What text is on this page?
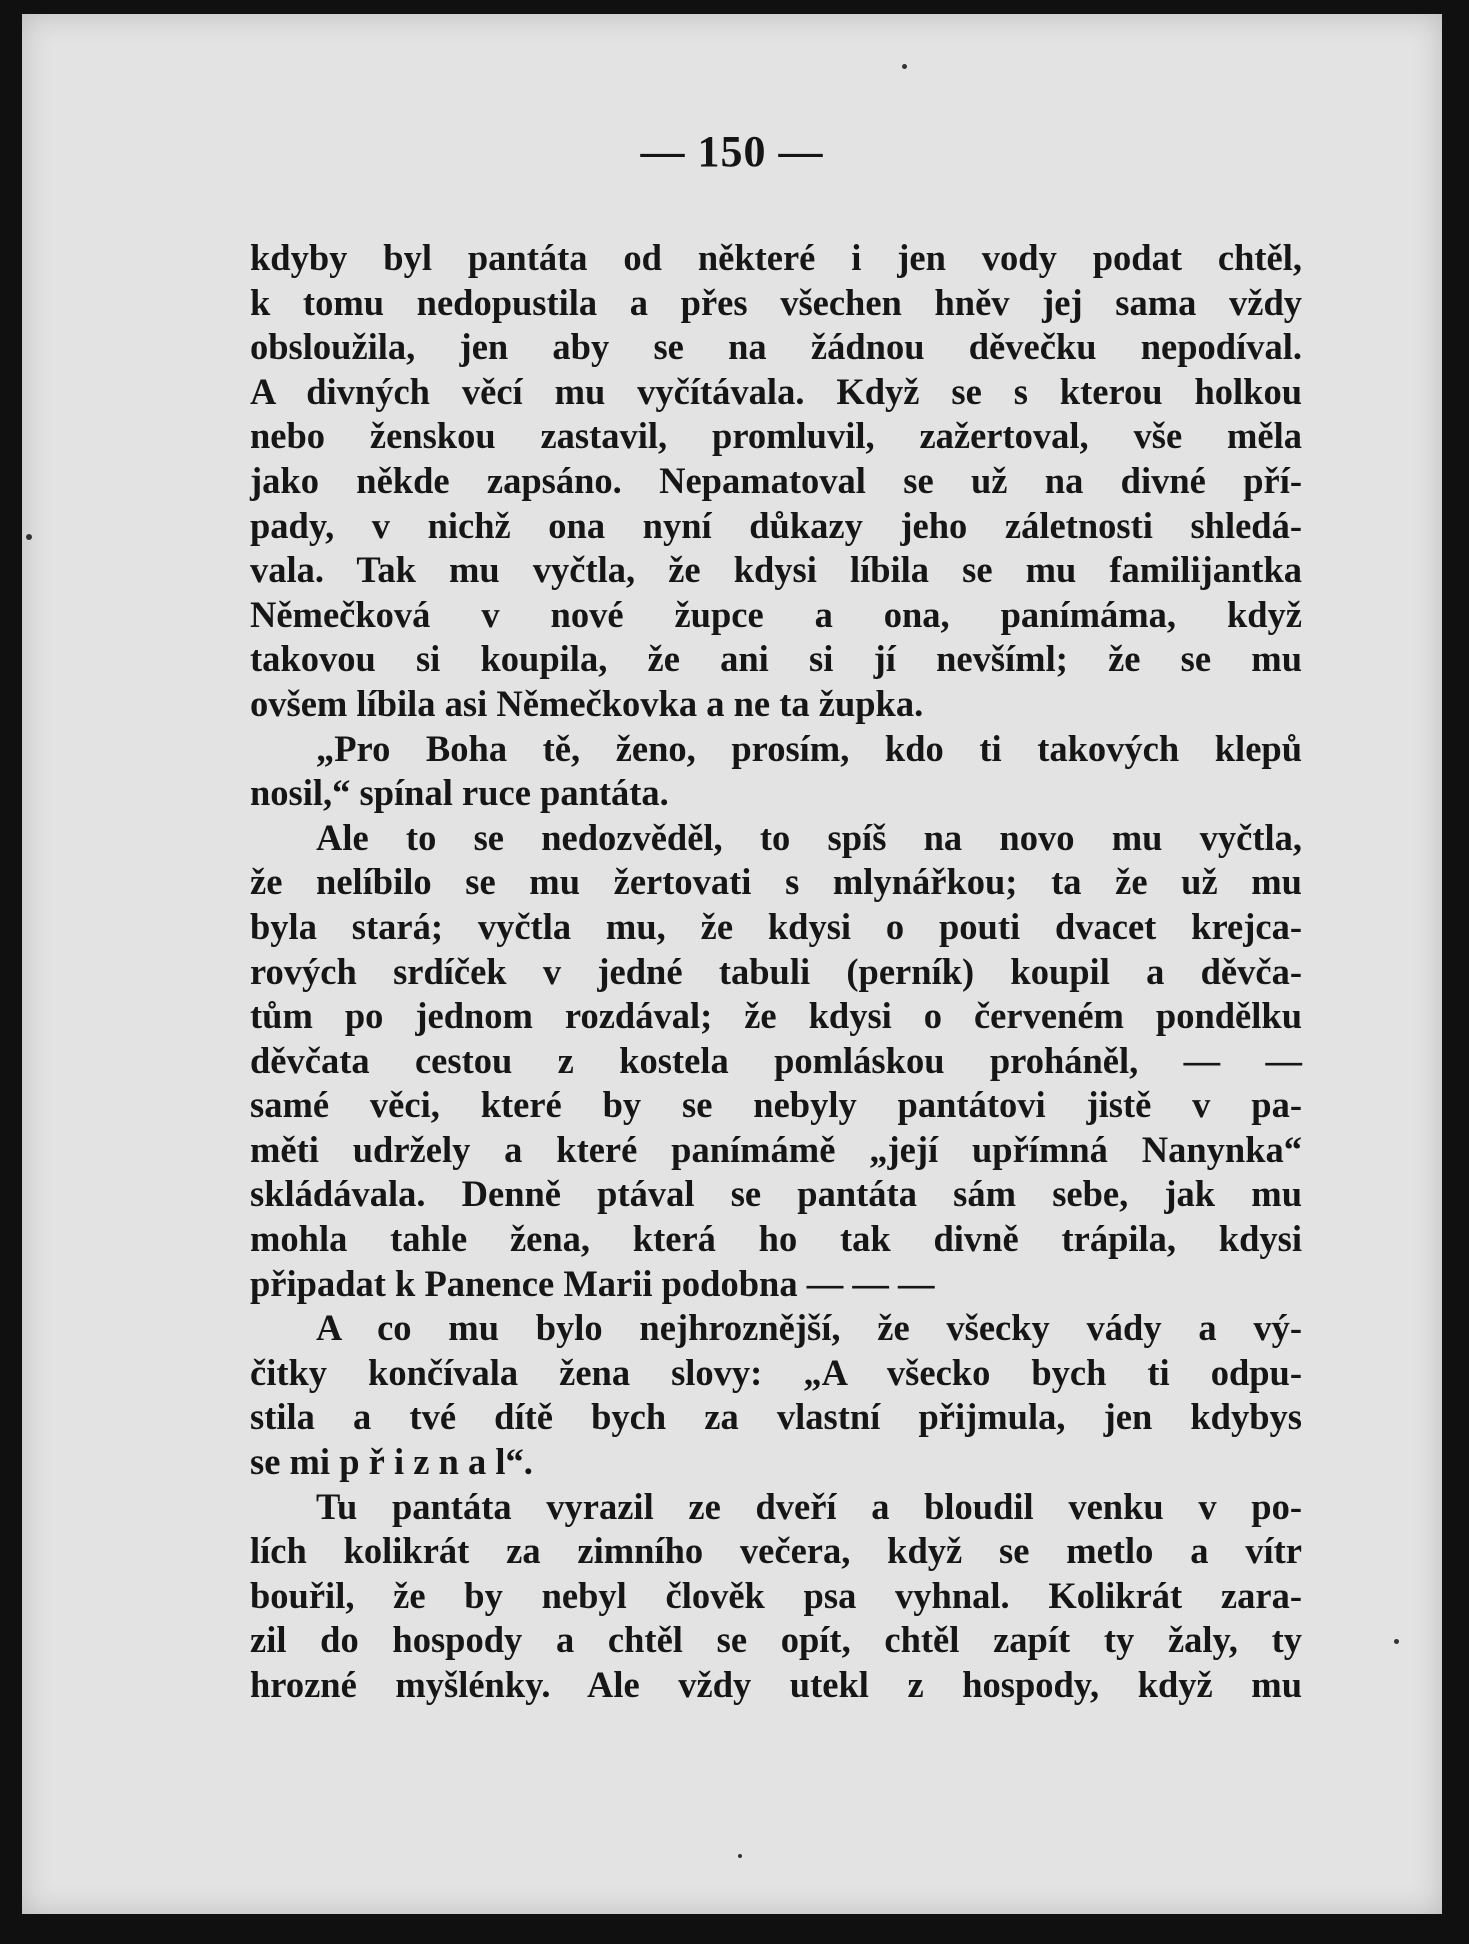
— 150 —
kdyby byl pantáta od některé i jen vody podat chtěl,
k tomu nedopustila a přes všechen hněv jej sama vždy
obsloužila, jen aby se na žádnou děvečku nepodíval.
A divných věcí mu vyčítávala. Když se s kterou holkou
nebo ženskou zastavil, promluvil, zažertoval, vše měla
jako někde zapsáno. Nepamatoval se už na divné pří-
pady, v nichž ona nyní důkazy jeho záletnosti shledá-
vala. Tak mu vyčtla, že kdysi líbila se mu familijantka
Němečková v nové župce a ona, panímáma, když
takovou si koupila, že ani si jí nevšíml; že se mu
ovšem líbila asi Němečkovka a ne ta župka.
„Pro Boha tě, ženo, prosím, kdo ti takových klepů
nosil,“ spínal ruce pantáta.
Ale to se nedozvěděl, to spíš na novo mu vyčtla,
že nelíbilo se mu žertovati s mlynářkou; ta že už mu
byla stará; vyčtla mu, že kdysi o pouti dvacet krejca-
rových srdíček v jedné tabuli (perník) koupil a děvča-
tům po jednom rozdával; že kdysi o červeném pondělku
děvčata cestou z kostela pomláskou proháněl, — —
samé věci, které by se nebyly pantátovi jistě v pa-
měti udržely a které panímámě „její upřímná Nanynka“
skládávala. Denně ptával se pantáta sám sebe, jak mu
mohla tahle žena, která ho tak divně trápila, kdysi
připadat k Panence Marii podobna — — —
A co mu bylo nejhroznější, že všecky vády a vý-
čitky končívala žena slovy: „A všecko bych ti odpu-
stila a tvé dítě bych za vlastní přijmula, jen kdybys
se mi p ř i z n a l“.
Tu pantáta vyrazil ze dveří a bloudil venku v po-
lích kolikrát za zimního večera, když se metlo a vítr
bouřil, že by nebyl člověk psa vyhnal. Kolikrát zara-
zil do hospody a chtěl se opít, chtěl zapít ty žaly, ty
hrozné myšlénky. Ale vždy utekl z hospody, když mu
